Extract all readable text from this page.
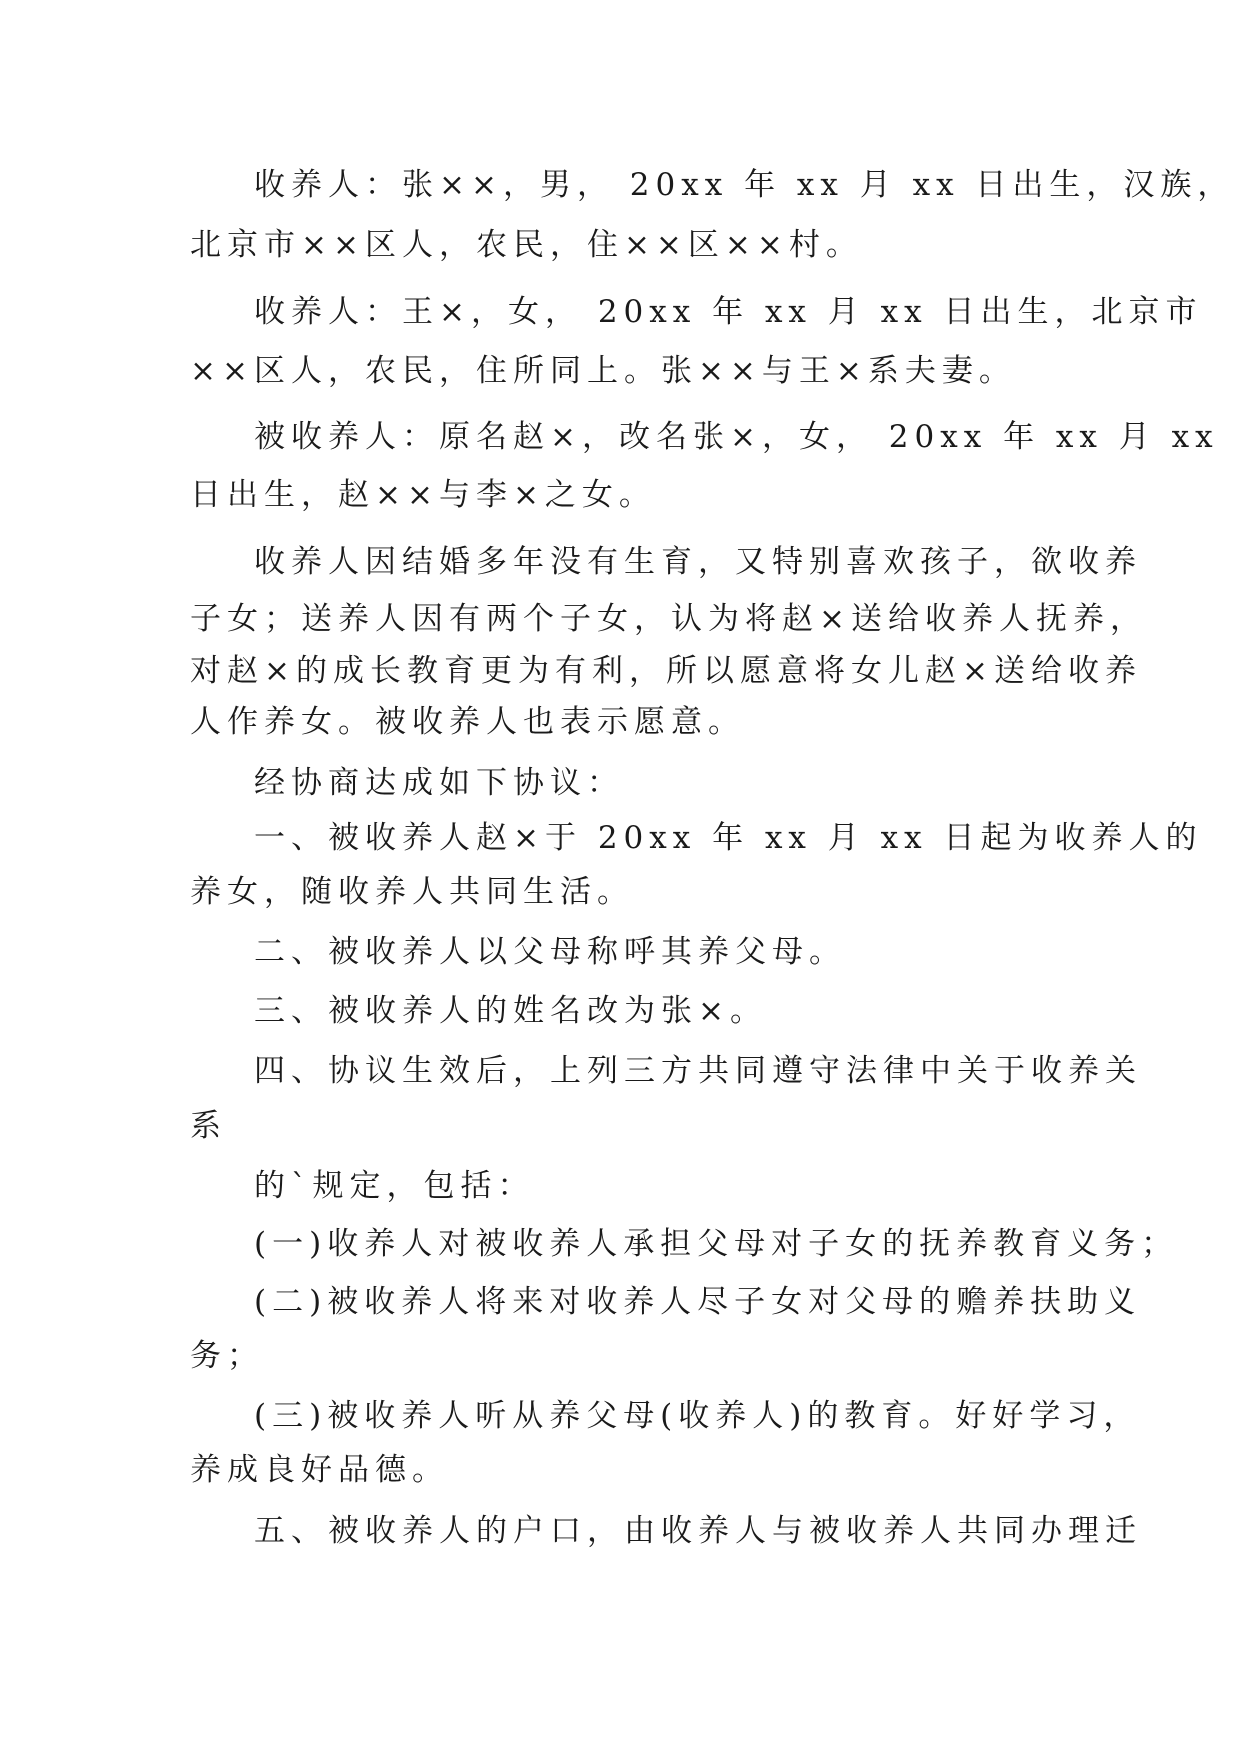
收养人：张××，男， 20xx 年 xx 月 xx 日出生，汉族，
北京市××区人，农民，住××区××村。
收养人：王×，女， 20xx 年 xx 月 xx 日出生，北京市
××区人，农民，住所同上。张××与王×系夫妻。
被收养人：原名赵×，改名张×，女， 20xx 年 xx 月 xx
日出生，赵××与李×之女。
收养人因结婚多年没有生育，又特别喜欢孩子，欲收养
子女；送养人因有两个子女，认为将赵×送给收养人抚养，
对赵×的成长教育更为有利，所以愿意将女儿赵×送给收养
人作养女。被收养人也表示愿意。
经协商达成如下协议：
一、被收养人赵×于 20xx 年 xx 月 xx 日起为收养人的
养女，随收养人共同生活。
二、被收养人以父母称呼其养父母。
三、被收养人的姓名改为张×。
四、协议生效后，上列三方共同遵守法律中关于收养关
系
的`规定，包括：
(一)收养人对被收养人承担父母对子女的抚养教育义务；
(二)被收养人将来对收养人尽子女对父母的赡养扶助义
务；
(三)被收养人听从养父母(收养人)的教育。好好学习，
养成良好品德。
五、被收养人的户口，由收养人与被收养人共同办理迁
